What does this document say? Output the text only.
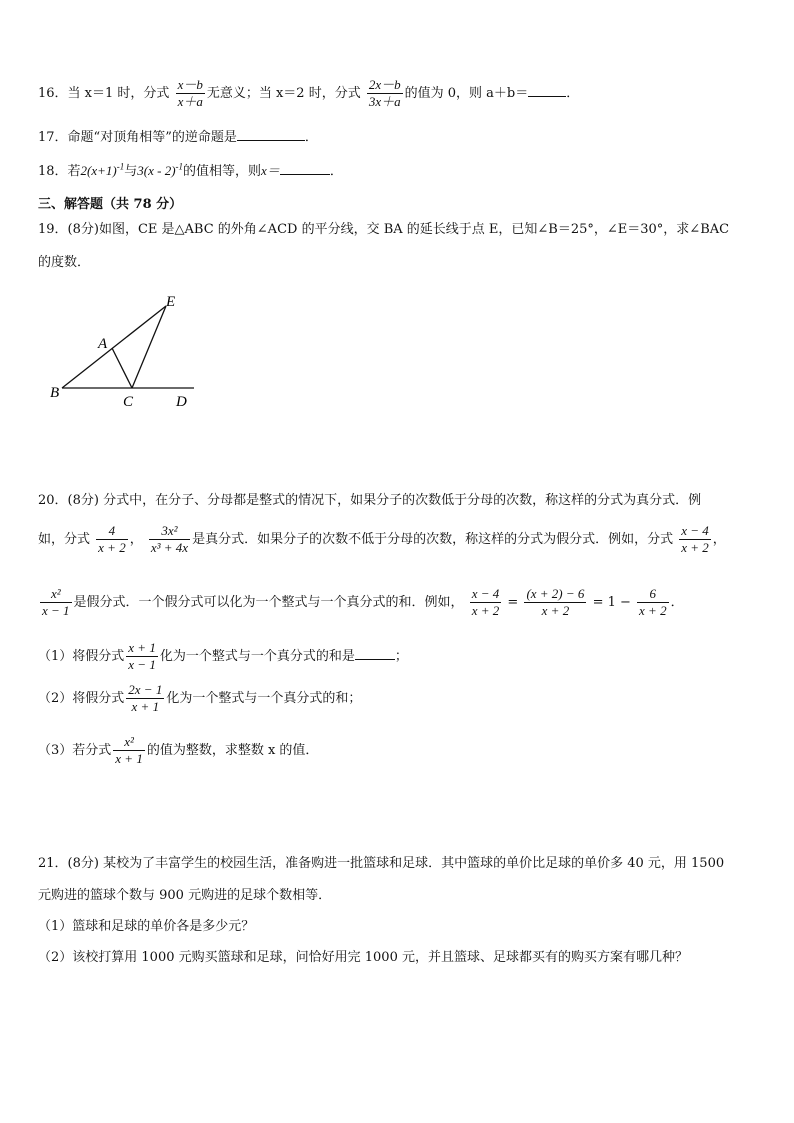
16．当 x＝1 时，分式 $\frac{x-b}{x+a}$ 无意义；当 x＝2 时，分式 $\frac{2x-b}{3x+a}$ 的值为 0，则 a＋b＝	．
17．命题“对顶角相等”的逆命题是	．
18．若$2(x+1)^{-1}$与3(x - 2)$^{-1}$的值相等，则x＝	．
三、解答题（共 78 分）
19．(8分)如图，CE 是△ABC 的外角∠ACD 的平分线，交 BA 的延长线于点 E，已知∠B＝25°，∠E＝30°，求∠BAC
的度数．
E
A
B
C	D
20．(8分) 分式中，在分子、分母都是整式的情况下，如果分子的次数低于分母的次数，称这样的分式为真分式．例
如，分式 $\frac{4}{x + 2}$ ， $\frac{\text{3x²}}{\text{x³ + 4x}}$ 是真分式．如果分子的次数不低于分母的次数，称这样的分式为假分式．例如，分式 $\frac{x - 4}{x + 2}$ ，
$\frac{\text{x²}}{x - 1}$ 是假分式．一个假分式可以化为一个整式与一个真分式的和．例如， $\frac{x - 4}{x + 2} = \frac{(x + 2) - 6}{x + 2} = 1 - \frac{6}{x + 2}$ ．
（1）将假分式 $\frac{x + 1}{x - 1}$ 化为一个整式与一个真分式的和是	；
（2）将假分式 $\frac{2x - 1}{x + 1}$ 化为一个整式与一个真分式的和；
（3）若分式 $\frac{\text{x²}}{x + 1}$ 的值为整数，求整数 x 的值．
21．(8分) 某校为了丰富学生的校园生活，准备购进一批篮球和足球．其中篮球的单价比足球的单价多 40 元，用 1500
元购进的篮球个数与 900 元购进的足球个数相等．
（1）篮球和足球的单价各是多少元？
（2）该校打算用 1000 元购买篮球和足球，问恰好用完 1000 元，并且篮球、足球都买有的购买方案有哪几种？
